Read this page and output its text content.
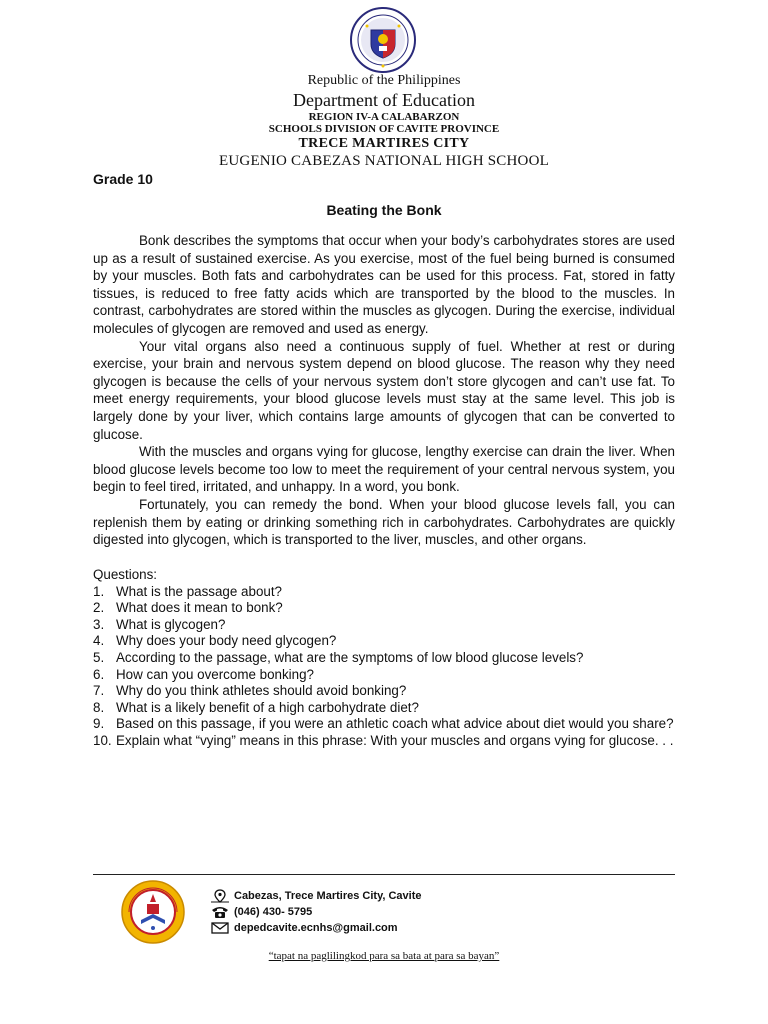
Republic of the Philippines
Department of Education
REGION IV-A CALABARZON
SCHOOLS DIVISION OF CAVITE PROVINCE
TRECE MARTIRES CITY
EUGENIO CABEZAS NATIONAL HIGH SCHOOL
Grade 10
Beating the Bonk

Bonk describes the symptoms that occur when your body’s carbohydrates stores are used up as a result of sustained exercise. As you exercise, most of the fuel being burned is consumed by your muscles. Both fats and carbohydrates can be used for this process. Fat, stored in fatty tissues, is reduced to free fatty acids which are transported by the blood to the muscles. In contrast, carbohydrates are stored within the muscles as glycogen. During the exercise, individual molecules of glycogen are removed and used as energy.

Your vital organs also need a continuous supply of fuel. Whether at rest or during exercise, your brain and nervous system depend on blood glucose. The reason why they need glycogen is because the cells of your nervous system don’t store glycogen and can’t use fat. To meet energy requirements, your blood glucose levels must stay at the same level. This job is largely done by your liver, which contains large amounts of glycogen that can be converted to glucose.

With the muscles and organs vying for glucose, lengthy exercise can drain the liver. When blood glucose levels become too low to meet the requirement of your central nervous system, you begin to feel tired, irritated, and unhappy. In a word, you bonk.

Fortunately, you can remedy the bond. When your blood glucose levels fall, you can replenish them by eating or drinking something rich in carbohydrates. Carbohydrates are quickly digested into glycogen, which is transported to the liver, muscles, and other organs.

Questions:

1. What is the passage about?
2. What does it mean to bonk?
3. What is glycogen?
4. Why does your body need glycogen?
5. According to the passage, what are the symptoms of low blood glucose levels?
6. How can you overcome bonking?
7. Why do you think athletes should avoid bonking?
8. What is a likely benefit of a high carbohydrate diet?
9. Based on this passage, if you were an athletic coach what advice about diet would you share?
10. Explain what “vying” means in this phrase: With your muscles and organs vying for glucose. . .
Cabezas, Trece Martires City, Cavite
(046) 430- 5795
depedcavite.ecnhs@gmail.com
“tapat na paglilingkod para sa bata at para sa bayan”
